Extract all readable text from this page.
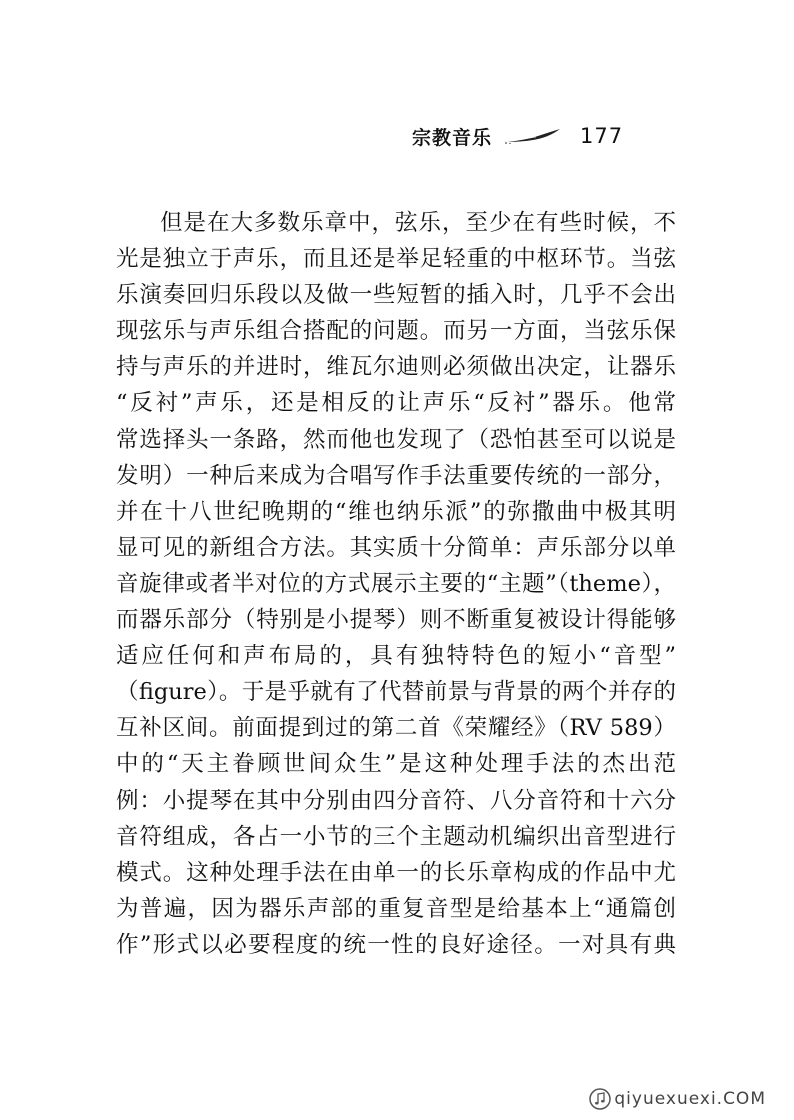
宗教音乐	177
但是在大多数乐章中，弦乐，至少在有些时候，不
光是独立于声乐，而且还是举足轻重的中枢环节。当弦
乐演奏回归乐段以及做一些短暂的插入时，几乎不会出
现弦乐与声乐组合搭配的问题。而另一方面，当弦乐保
持与声乐的并进时，维瓦尔迪则必须做出决定，让器乐
“反衬”声乐，还是相反的让声乐“反衬”器乐。他常
常选择头一条路，然而他也发现了（恐怕甚至可以说是
发明）一种后来成为合唱写作手法重要传统的一部分，
并在十八世纪晚期的“维也纳乐派”的弥撒曲中极其明
显可见的新组合方法。其实质十分简单：声乐部分以单
音旋律或者半对位的方式展示主要的“主题”（theme），
而器乐部分（特别是小提琴）则不断重复被设计得能够
适应任何和声布局的，具有独特特色的短小“音型”
（figure）。于是乎就有了代替前景与背景的两个并存的
互补区间。前面提到过的第二首《荣耀经》（RV 589）
中的“天主眷顾世间众生”是这种处理手法的杰出范
例：小提琴在其中分别由四分音符、八分音符和十六分
音符组成，各占一小节的三个主题动机编织出音型进行
模式。这种处理手法在由单一的长乐章构成的作品中尤
为普遍，因为器乐声部的重复音型是给基本上“通篇创
作”形式以必要程度的统一性的良好途径。一对具有典
qiyuexuexi.COM
